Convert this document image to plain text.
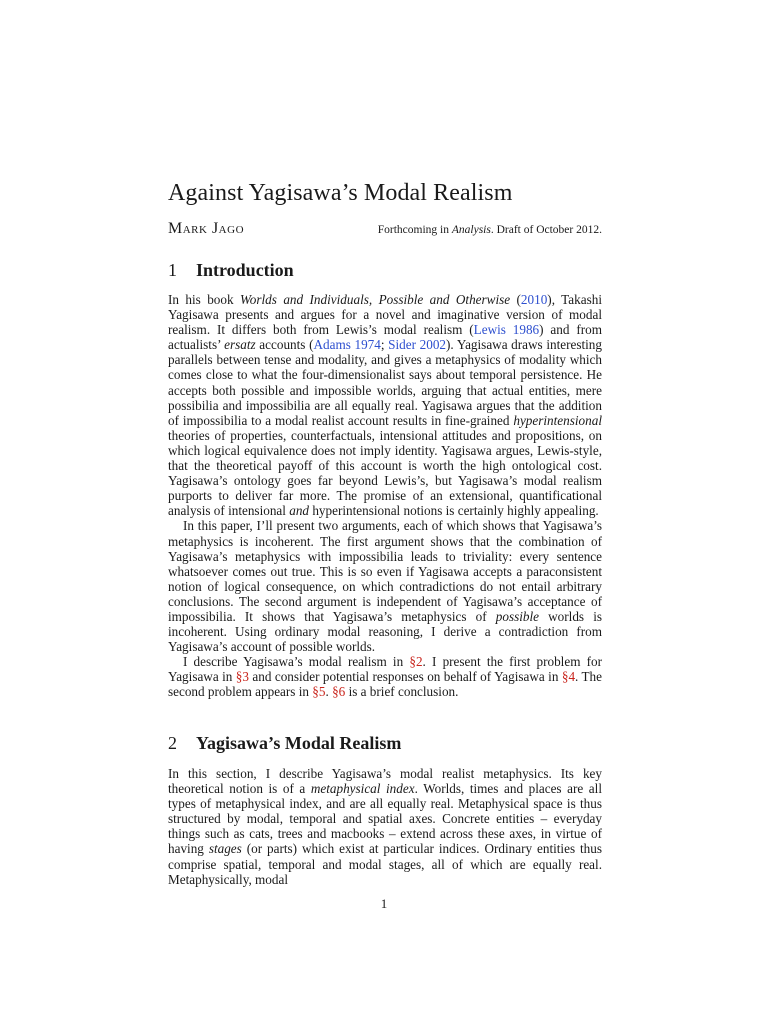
Against Yagisawa’s Modal Realism
Mark Jago	Forthcoming in Analysis. Draft of October 2012.
1 Introduction

In his book Worlds and Individuals, Possible and Otherwise (2010), Takashi Yagisawa presents and argues for a novel and imaginative version of modal realism. It differs both from Lewis’s modal realism (Lewis 1986) and from actualists’ ersatz accounts (Adams 1974; Sider 2002). Yagisawa draws interesting parallels between tense and modality, and gives a metaphysics of modality which comes close to what the four-dimensionalist says about temporal persistence. He accepts both possible and impossible worlds, arguing that actual entities, mere possibilia and impossibilia are all equally real. Yagisawa argues that the addition of impossibilia to a modal realist account results in fine-grained hyperintensional theories of properties, counterfactuals, intensional attitudes and propositions, on which logical equivalence does not imply identity. Yagisawa argues, Lewis-style, that the theoretical payoff of this account is worth the high ontological cost. Yagisawa’s ontology goes far beyond Lewis’s, but Yagisawa’s modal realism purports to deliver far more. The promise of an extensional, quantificational analysis of intensional and hyperintensional notions is certainly highly appealing.

In this paper, I’ll present two arguments, each of which shows that Yagisawa’s metaphysics is incoherent. The first argument shows that the combination of Yagisawa’s metaphysics with impossibilia leads to triviality: every sentence whatsoever comes out true. This is so even if Yagisawa accepts a paraconsistent notion of logical consequence, on which contradictions do not entail arbitrary conclusions. The second argument is independent of Yagisawa’s acceptance of impossibilia. It shows that Yagisawa’s metaphysics of possible worlds is incoherent. Using ordinary modal reasoning, I derive a contradiction from Yagisawa’s account of possible worlds.

I describe Yagisawa’s modal realism in §2. I present the first problem for Yagisawa in §3 and consider potential responses on behalf of Yagisawa in §4. The second problem appears in §5. §6 is a brief conclusion.

2 Yagisawa’s Modal Realism

In this section, I describe Yagisawa’s modal realist metaphysics. Its key theoretical notion is of a metaphysical index. Worlds, times and places are all types of metaphysical index, and are all equally real. Metaphysical space is thus structured by modal, temporal and spatial axes. Concrete entities – everyday things such as cats, trees and macbooks – extend across these axes, in virtue of having stages (or parts) which exist at particular indices. Ordinary entities thus comprise spatial, temporal and modal stages, all of which are equally real. Metaphysically, modal

1
